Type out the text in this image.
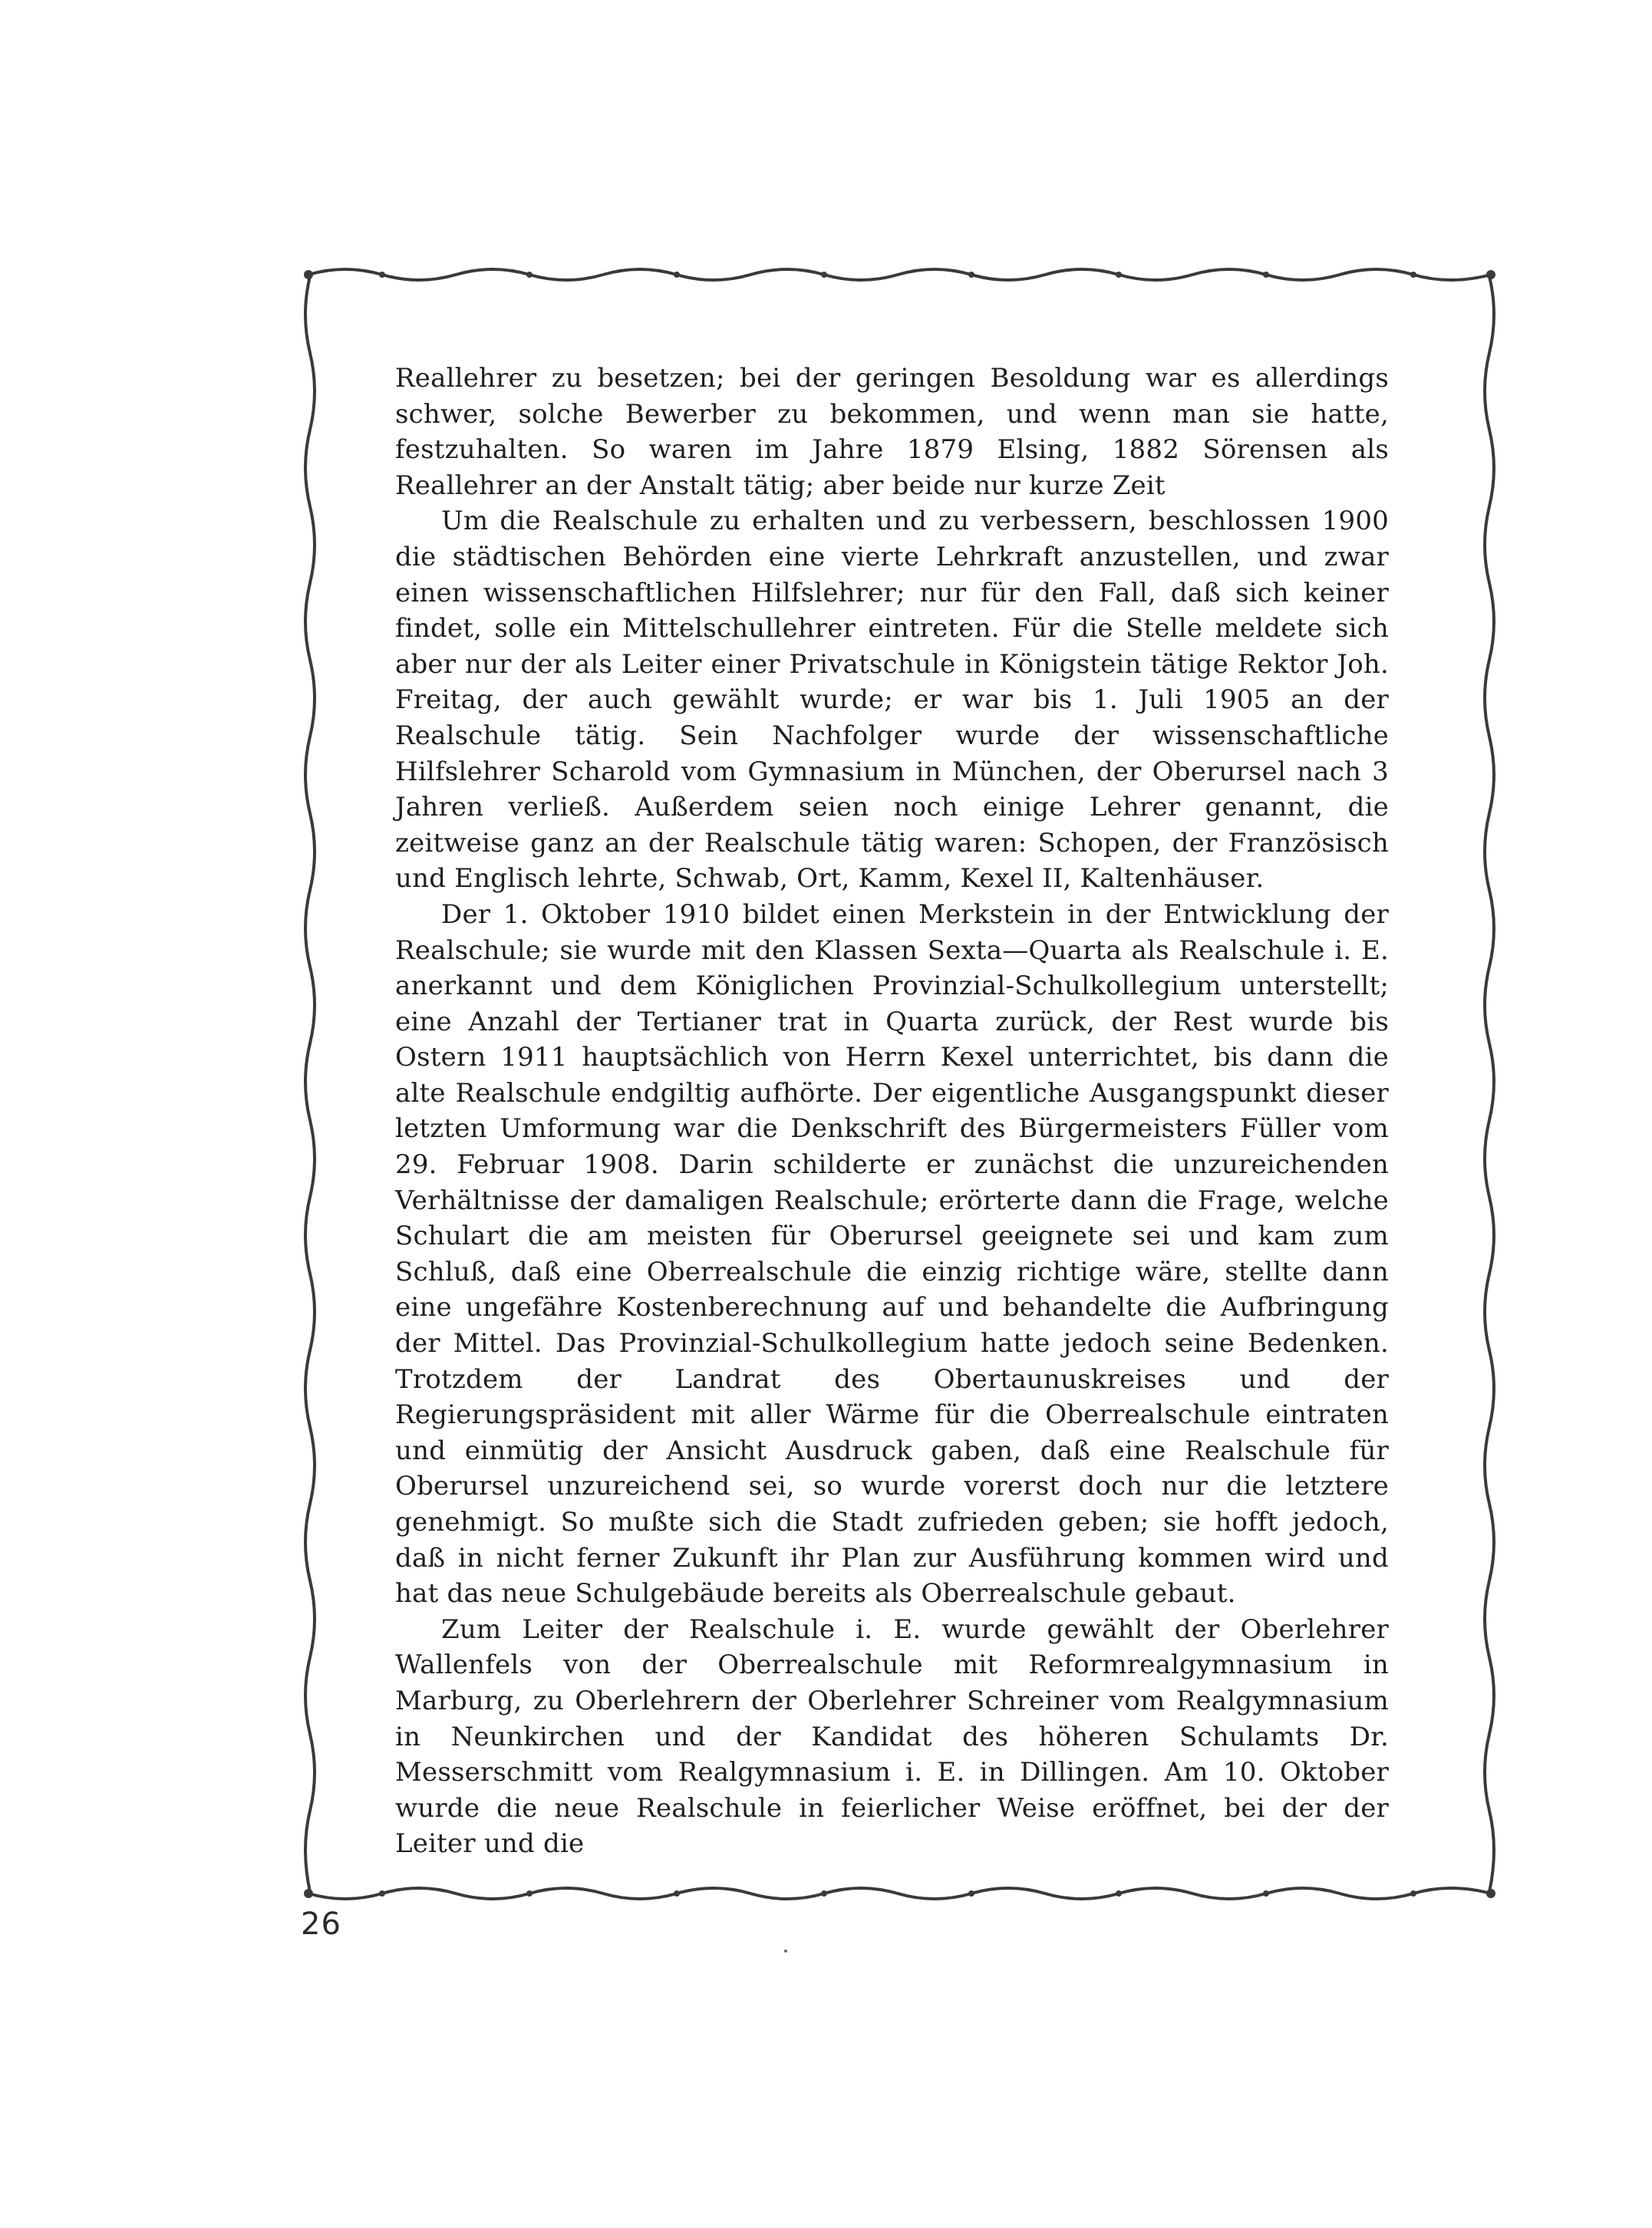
Reallehrer zu besetzen; bei der geringen Besoldung war es allerdings schwer, solche Bewerber zu bekommen, und wenn man sie hatte, festzuhalten. So waren im Jahre 1879 Elsing, 1882 Sörensen als Reallehrer an der Anstalt tätig; aber beide nur kurze Zeit

Um die Realschule zu erhalten und zu verbessern, beschlossen 1900 die städtischen Behörden eine vierte Lehrkraft anzustellen, und zwar einen wissenschaftlichen Hilfslehrer; nur für den Fall, daß sich keiner findet, solle ein Mittelschullehrer eintreten. Für die Stelle meldete sich aber nur der als Leiter einer Privatschule in Königstein tätige Rektor Joh. Freitag, der auch gewählt wurde; er war bis 1. Juli 1905 an der Realschule tätig. Sein Nachfolger wurde der wissenschaftliche Hilfslehrer Scharold vom Gymnasium in München, der Oberursel nach 3 Jahren verließ. Außerdem seien noch einige Lehrer genannt, die zeitweise ganz an der Realschule tätig waren: Schopen, der Französisch und Englisch lehrte, Schwab, Ort, Kamm, Kexel II, Kaltenhäuser.

Der 1. Oktober 1910 bildet einen Merkstein in der Entwicklung der Realschule; sie wurde mit den Klassen Sexta—Quarta als Realschule i. E. anerkannt und dem Königlichen Provinzial-Schulkollegium unterstellt; eine Anzahl der Tertianer trat in Quarta zurück, der Rest wurde bis Ostern 1911 hauptsächlich von Herrn Kexel unterrichtet, bis dann die alte Realschule endgiltig aufhörte. Der eigentliche Ausgangspunkt dieser letzten Umformung war die Denkschrift des Bürgermeisters Füller vom 29. Februar 1908. Darin schilderte er zunächst die unzureichenden Verhältnisse der damaligen Realschule; erörterte dann die Frage, welche Schulart die am meisten für Oberursel geeignete sei und kam zum Schluß, daß eine Oberrealschule die einzig richtige wäre, stellte dann eine ungefähre Kostenberechnung auf und behandelte die Aufbringung der Mittel. Das Provinzial-Schulkollegium hatte jedoch seine Bedenken. Trotzdem der Landrat des Obertaunuskreises und der Regierungspräsident mit aller Wärme für die Oberrealschule eintraten und einmütig der Ansicht Ausdruck gaben, daß eine Realschule für Oberursel unzureichend sei, so wurde vorerst doch nur die letztere genehmigt. So mußte sich die Stadt zufrieden geben; sie hofft jedoch, daß in nicht ferner Zukunft ihr Plan zur Ausführung kommen wird und hat das neue Schulgebäude bereits als Oberrealschule gebaut.

Zum Leiter der Realschule i. E. wurde gewählt der Oberlehrer Wallenfels von der Oberrealschule mit Reformrealgymnasium in Marburg, zu Oberlehrern der Oberlehrer Schreiner vom Realgymnasium in Neunkirchen und der Kandidat des höheren Schulamts Dr. Messerschmitt vom Realgymnasium i. E. in Dillingen. Am 10. Oktober wurde die neue Realschule in feierlicher Weise eröffnet, bei der der Leiter und die

26
